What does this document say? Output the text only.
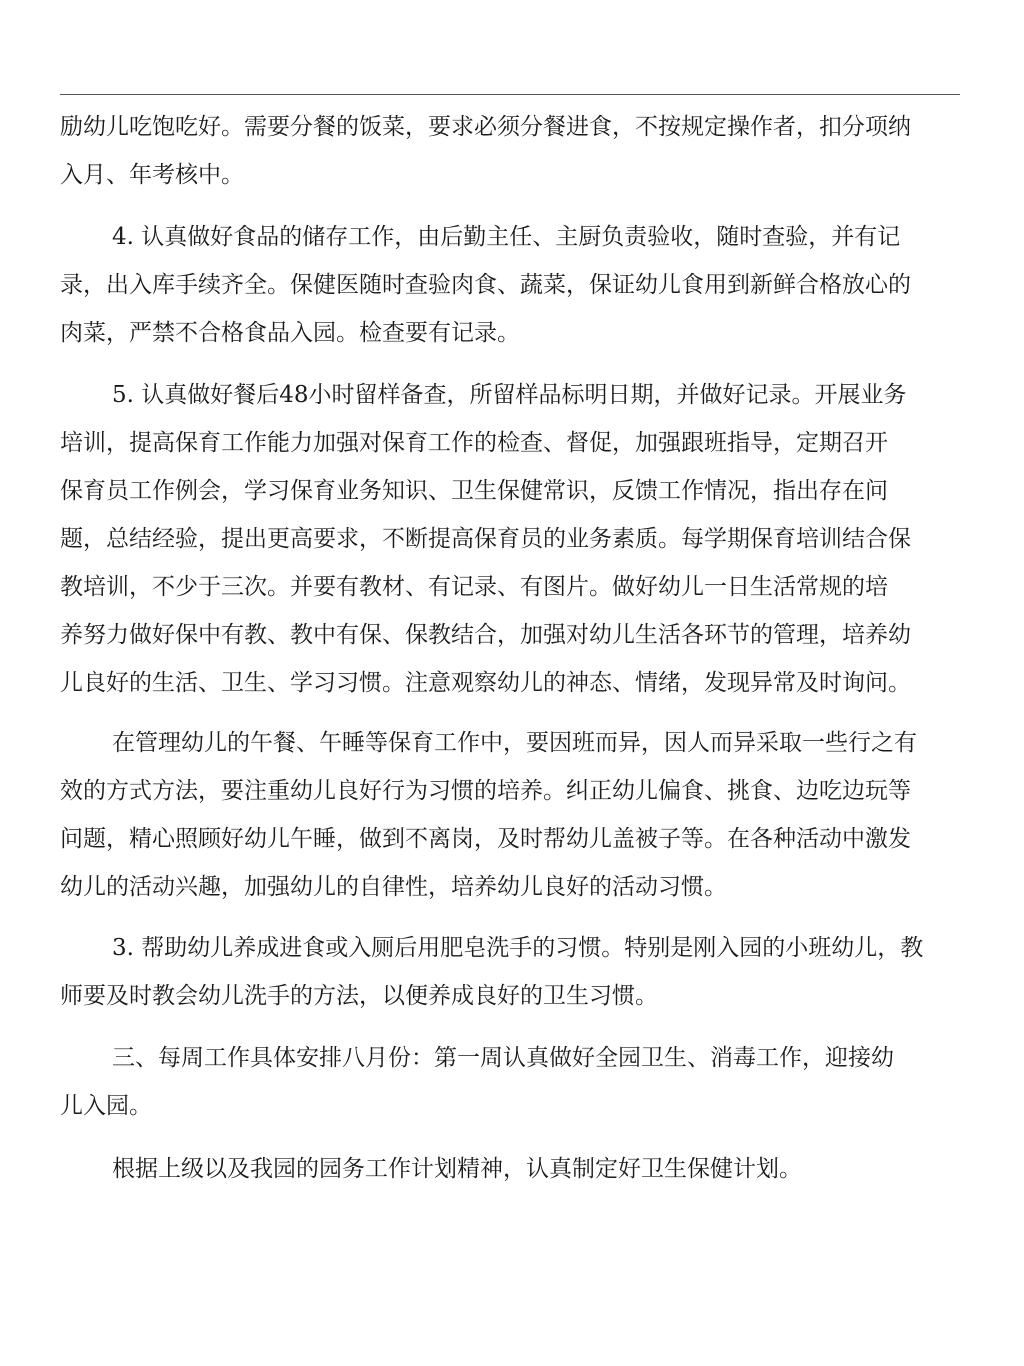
励幼儿吃饱吃好。需要分餐的饭菜，要求必须分餐进食，不按规定操作者，扣分项纳
入月、年考核中。
4. 认真做好食品的储存工作，由后勤主任、主厨负责验收，随时查验，并有记
录，出入库手续齐全。保健医随时查验肉食、蔬菜，保证幼儿食用到新鲜合格放心的
肉菜，严禁不合格食品入园。检查要有记录。
5. 认真做好餐后48小时留样备查，所留样品标明日期，并做好记录。开展业务
培训，提高保育工作能力加强对保育工作的检查、督促，加强跟班指导，定期召开
保育员工作例会，学习保育业务知识、卫生保健常识，反馈工作情况，指出存在问
题，总结经验，提出更高要求，不断提高保育员的业务素质。每学期保育培训结合保
教培训，不少于三次。并要有教材、有记录、有图片。做好幼儿一日生活常规的培
养努力做好保中有教、教中有保、保教结合，加强对幼儿生活各环节的管理，培养幼
儿良好的生活、卫生、学习习惯。注意观察幼儿的神态、情绪，发现异常及时询问。
在管理幼儿的午餐、午睡等保育工作中，要因班而异，因人而异采取一些行之有
效的方式方法，要注重幼儿良好行为习惯的培养。纠正幼儿偏食、挑食、边吃边玩等
问题，精心照顾好幼儿午睡，做到不离岗，及时帮幼儿盖被子等。在各种活动中激发
幼儿的活动兴趣，加强幼儿的自律性，培养幼儿良好的活动习惯。
3. 帮助幼儿养成进食或入厕后用肥皂洗手的习惯。特别是刚入园的小班幼儿，教
师要及时教会幼儿洗手的方法，以便养成良好的卫生习惯。
三、每周工作具体安排八月份：第一周认真做好全园卫生、消毒工作，迎接幼
儿入园。
根据上级以及我园的园务工作计划精神，认真制定好卫生保健计划。
